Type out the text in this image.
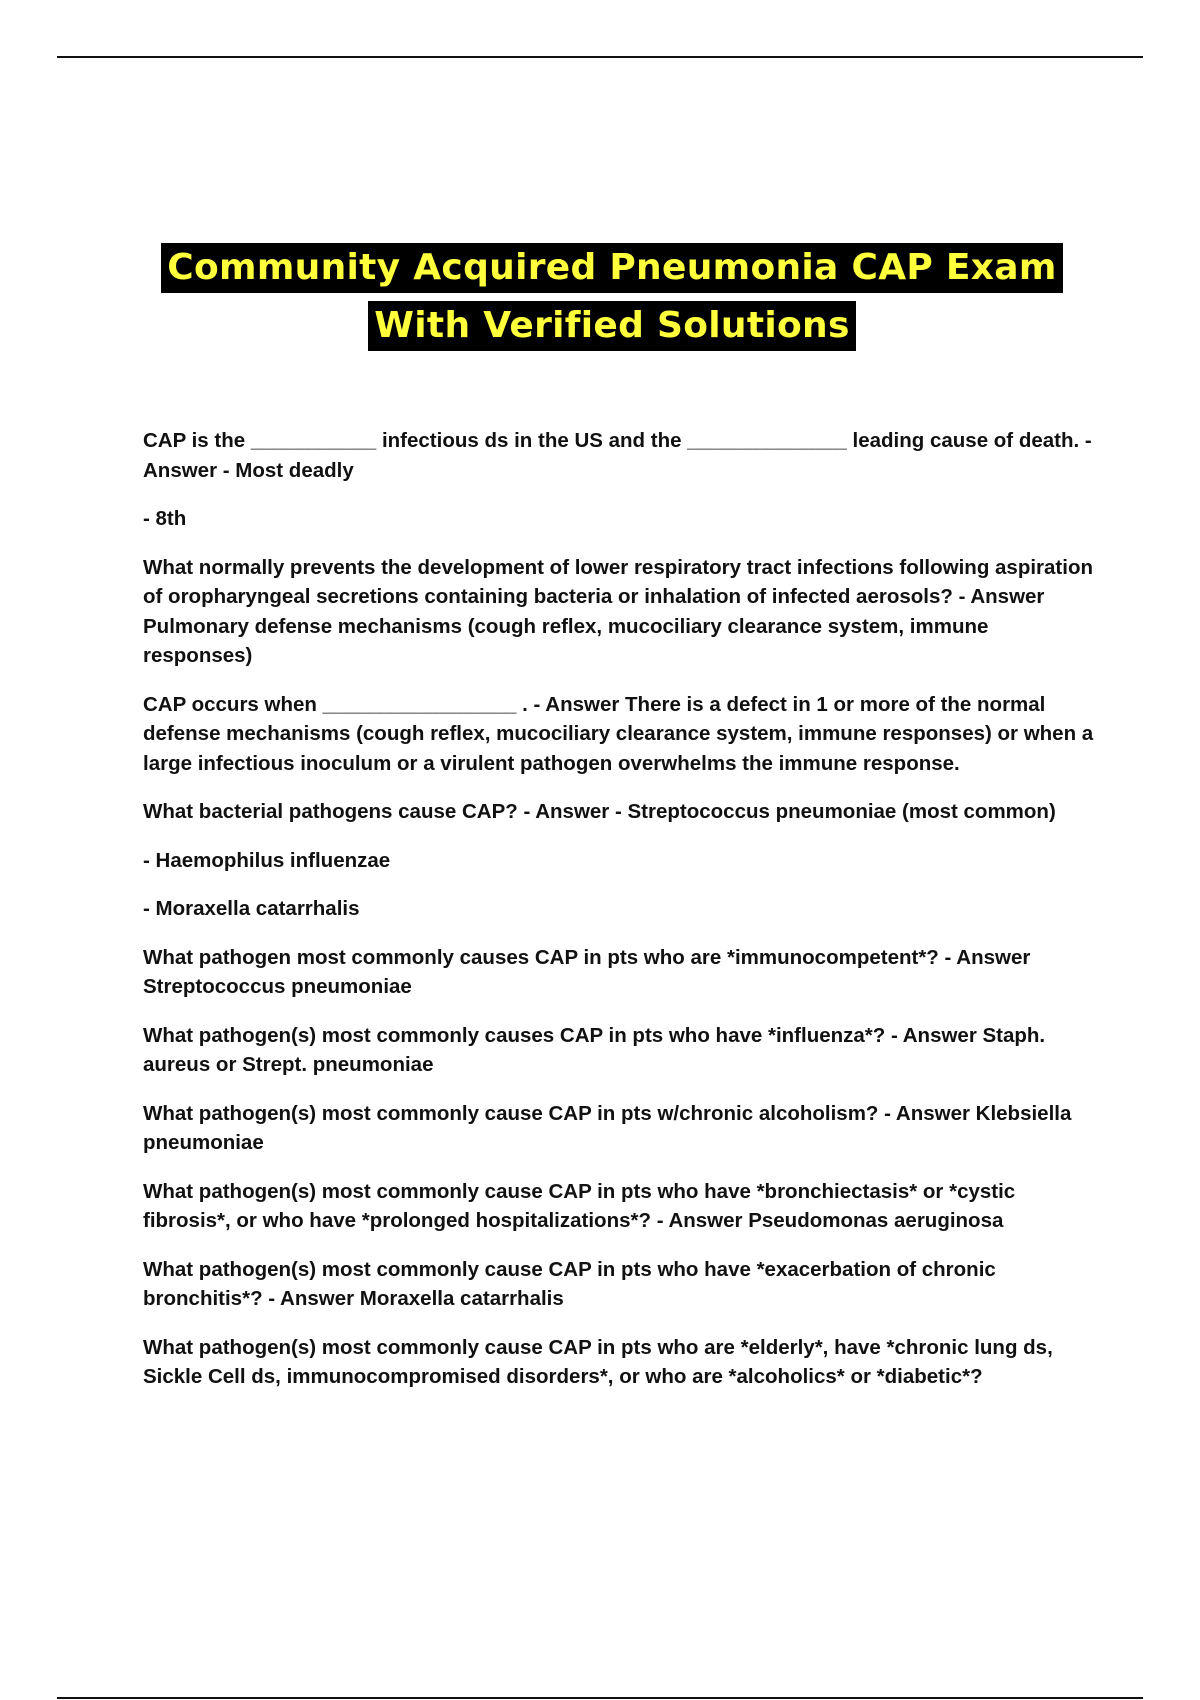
Community Acquired Pneumonia CAP Exam
With Verified Solutions

CAP is the ___________ infectious ds in the US and the ______________ leading cause of death. - Answer - Most deadly

- 8th

What normally prevents the development of lower respiratory tract infections following aspiration of oropharyngeal secretions containing bacteria or inhalation of infected aerosols? - Answer Pulmonary defense mechanisms (cough reflex, mucociliary clearance system, immune responses)

CAP occurs when _________________ . - Answer There is a defect in 1 or more of the normal defense mechanisms (cough reflex, mucociliary clearance system, immune responses) or when a large infectious inoculum or a virulent pathogen overwhelms the immune response.

What bacterial pathogens cause CAP? - Answer - Streptococcus pneumoniae (most common)

- Haemophilus influenzae

- Moraxella catarrhalis

What pathogen most commonly causes CAP in pts who are *immunocompetent*? - Answer Streptococcus pneumoniae

What pathogen(s) most commonly causes CAP in pts who have *influenza*? - Answer Staph. aureus or Strept. pneumoniae

What pathogen(s) most commonly cause CAP in pts w/chronic alcoholism? - Answer Klebsiella pneumoniae

What pathogen(s) most commonly cause CAP in pts who have *bronchiectasis* or *cystic fibrosis*, or who have *prolonged hospitalizations*? - Answer Pseudomonas aeruginosa

What pathogen(s) most commonly cause CAP in pts who have *exacerbation of chronic bronchitis*? - Answer Moraxella catarrhalis

What pathogen(s) most commonly cause CAP in pts who are *elderly*, have *chronic lung ds, Sickle Cell ds, immunocompromised disorders*, or who are *alcoholics* or *diabetic*?
